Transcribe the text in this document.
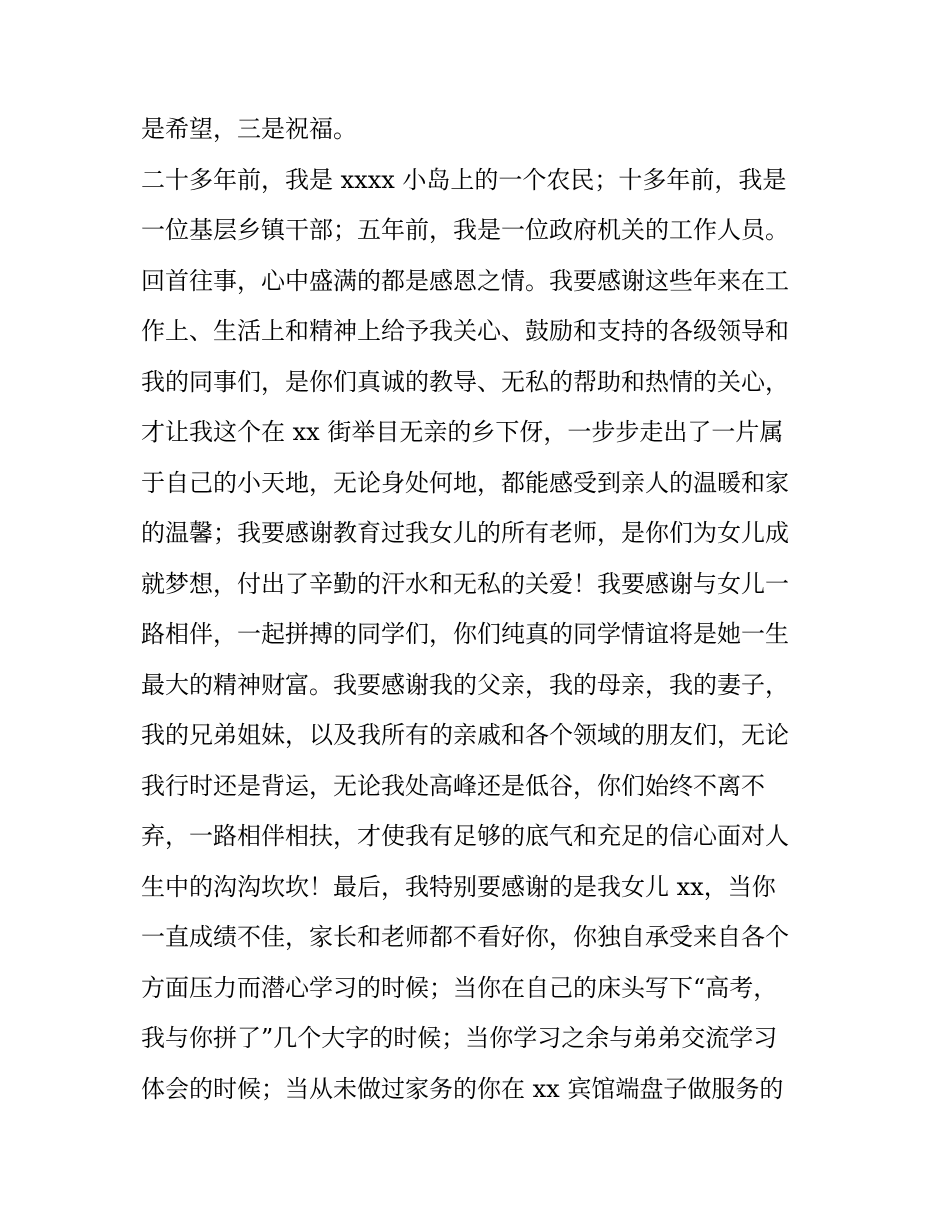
是希望，三是祝福。
二十多年前，我是 xxxx 小岛上的一个农民；十多年前，我是
一位基层乡镇干部；五年前，我是一位政府机关的工作人员。
回首往事，心中盛满的都是感恩之情。我要感谢这些年来在工
作上、生活上和精神上给予我关心、鼓励和支持的各级领导和
我的同事们，是你们真诚的教导、无私的帮助和热情的关心，
才让我这个在 xx 街举目无亲的乡下伢，一步步走出了一片属
于自己的小天地，无论身处何地，都能感受到亲人的温暖和家
的温馨；我要感谢教育过我女儿的所有老师，是你们为女儿成
就梦想，付出了辛勤的汗水和无私的关爱！我要感谢与女儿一
路相伴，一起拼搏的同学们，你们纯真的同学情谊将是她一生
最大的精神财富。我要感谢我的父亲，我的母亲，我的妻子，
我的兄弟姐妹，以及我所有的亲戚和各个领域的朋友们，无论
我行时还是背运，无论我处高峰还是低谷，你们始终不离不
弃，一路相伴相扶，才使我有足够的底气和充足的信心面对人
生中的沟沟坎坎！最后，我特别要感谢的是我女儿 xx，当你
一直成绩不佳，家长和老师都不看好你，你独自承受来自各个
方面压力而潜心学习的时候；当你在自己的床头写下“高考，
我与你拼了”几个大字的时候；当你学习之余与弟弟交流学习
体会的时候；当从未做过家务的你在 xx 宾馆端盘子做服务的
